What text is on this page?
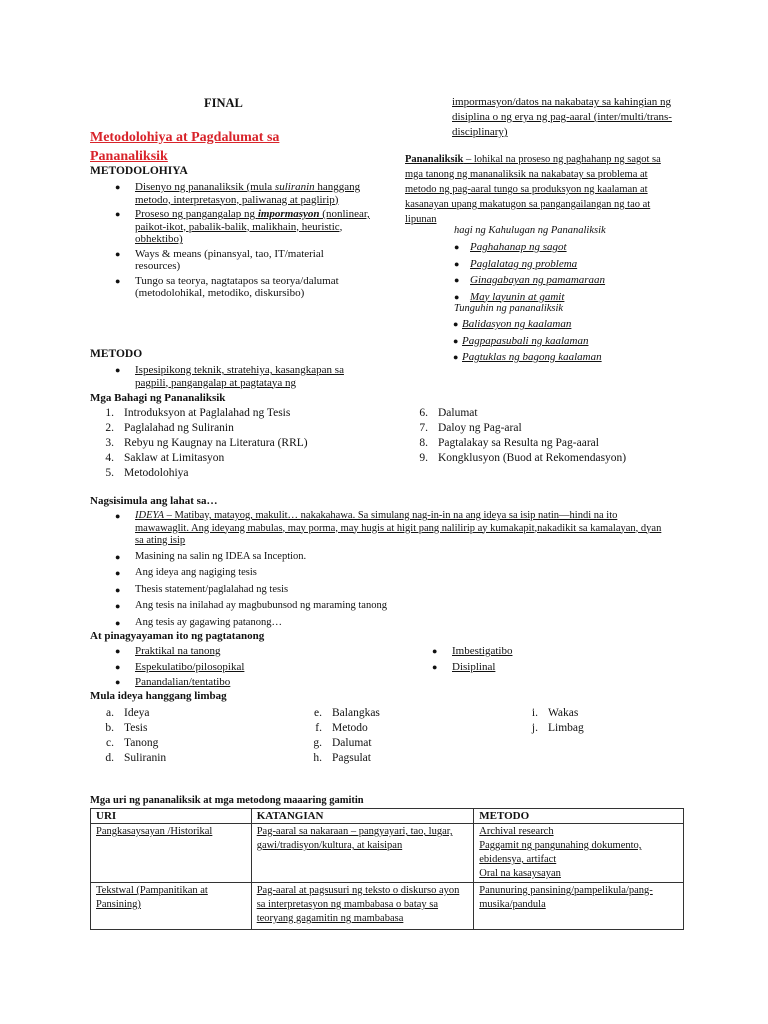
FINAL
Metodolohiya at Pagdalumat sa
Pananaliksik
METODOLOHIYA
● Disenyo ng pananaliksik (mula suliranin hanggang metodo, interpretasyon, paliwanag at paglirip)
● Proseso ng pangangalap ng impormasyon (nonlinear, paikot-ikot, pabalik-balik, malikhain, heuristic, obhektibo)
● Ways & means (pinansyal, tao, IT/material resources)
● Tungo sa teorya, nagtatapos sa teorya/dalumat (metodolohikal, metodiko, diskursibo)
METODO
● Ispesipikong teknik, stratehiya, kasangkapan sa pagpili, pangangalap at pagtataya ng
impormasyon/datos na nakabatay sa kahingian ng disiplina o ng erya ng pag-aaral (inter/multi/trans-disciplinary)
Pananaliksik – lohikal na proseso ng paghahanp ng sagot sa mga tanong ng mananaliksik na nakabatay sa problema at metodo ng pag-aaral tungo sa produksyon ng kaalaman at kasanayan upang makatugon sa pangangailangan ng tao at lipunan
hagi ng Kahulugan ng Pananaliksik
● Paghahanap ng sagot
● Paglalatag ng problema
● Ginagabayan ng pamamaraan
● May layunin at gamit
Tunguhin ng pananaliksik
● Balidasyon ng kaalaman
● Pagpapasubali ng kaalaman
● Pagtuklas ng bagong kaalaman
Mga Bahagi ng Pananaliksik
1. Introduksyon at Paglalahad ng Tesis
2. Paglalahad ng Suliranin
3. Rebyu ng Kaugnay na Literatura (RRL)
4. Saklaw at Limitasyon
5. Metodolohiya
6. Dalumat
7. Daloy ng Pag-aral
8. Pagtalakay sa Resulta ng Pag-aaral
9. Kongklusyon (Buod at Rekomendasyon)
Nagsisimula ang lahat sa…
● IDEYA – Matibay, matayog, makulit… nakakahawa. Sa simulang nag-in-in na ang ideya sa isip natin—hindi na ito mawawaglit. Ang ideyang mabulas, may porma, may hugis at higit pang nalilirip ay kumakapit,nakadikit sa kamalayan, dyan sa ating isip
● Masining na salin ng IDEA sa Inception.
● Ang ideya ang nagiging tesis
● Thesis statement/paglalahad ng tesis
● Ang tesis na inilahad ay magbubunsod ng maraming tanong
● Ang tesis ay gagawing patanong…
At pinagyayaman ito ng pagtatanong
● Praktikal na tanong
● Espekulatibo/pilosopikal
● Panandalian/tentatibo
● Imbestigatibo
● Disiplinal
Mula ideya hanggang limbag
a. Ideya
b. Tesis
c. Tanong
d. Suliranin
e. Balangkas
f. Metodo
g. Dalumat
h. Pagsulat
i. Wakas
j. Limbag
Mga uri ng pananaliksik at mga metodong maaaring gamitin
URI	KATANGIAN	METODO
Pangkasaysayan /Historikal	Pag-aaral sa nakaraan – pangyayari, tao, lugar, gawi/tradisyon/kultura, at kaisipan	Archival research
Paggamit ng pangunahing dokumento, ebidensya, artifact
Oral na kasaysayan

Tekstwal (Pampanitikan at Pansining)	Pag-aaral at pagsusuri ng teksto o diskurso ayon sa interpretasyon ng mambabasa o batay sa teoryang gagamitin ng mambabasa	Panunuring pansining/pampelikula/pang-musika/pandula
